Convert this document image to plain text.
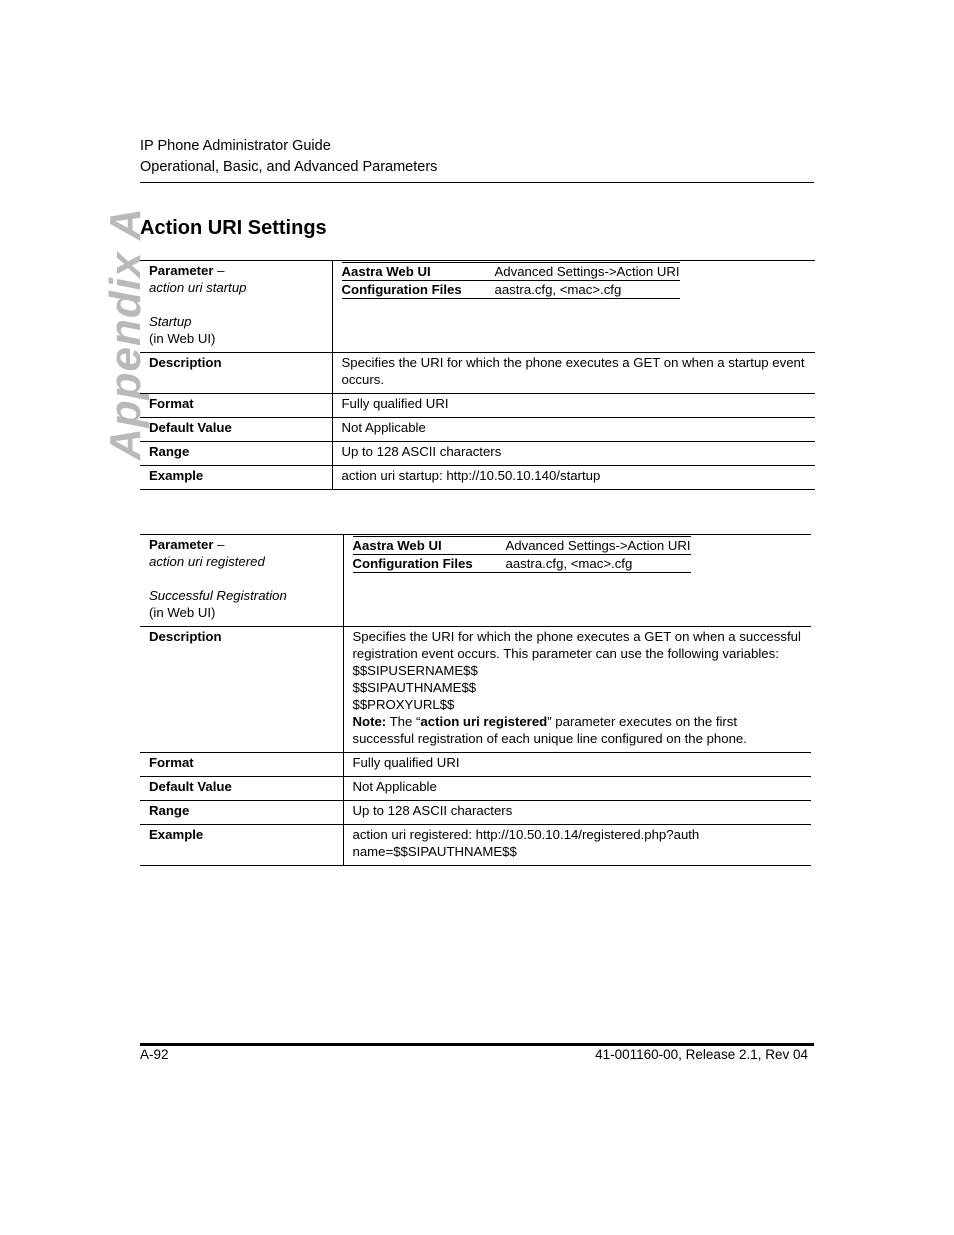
IP Phone Administrator Guide
Operational, Basic, and Advanced Parameters
Appendix A
Action URI Settings
Parameter –
action uri startup
Startup
(in Web UI)

Aastra Web UI	Advanced Settings->Action URI
Configuration Files	aastra.cfg, <mac>.cfg

Description	Specifies the URI for which the phone executes a GET on when a startup event occurs.
Format	Fully qualified URI
Default Value	Not Applicable
Range	Up to 128 ASCII characters
Example	action uri startup: http://10.50.10.140/startup
Parameter –
action uri registered
Successful Registration
(in Web UI)

Aastra Web UI	Advanced Settings->Action URI
Configuration Files	aastra.cfg, <mac>.cfg

Description	Specifies the URI for which the phone executes a GET on when a successful registration event occurs. This parameter can use the following variables:
$$SIPUSERNAME$$
$$SIPAUTHNAME$$
$$PROXYURL$$
Note: The “action uri registered” parameter executes on the first successful registration of each unique line configured on the phone.

Format	Fully qualified URI
Default Value	Not Applicable
Range	Up to 128 ASCII characters
Example	action uri registered: http://10.50.10.14/registered.php?auth
name=$$SIPAUTHNAME$$
A-92	41-001160-00, Release 2.1, Rev 04
